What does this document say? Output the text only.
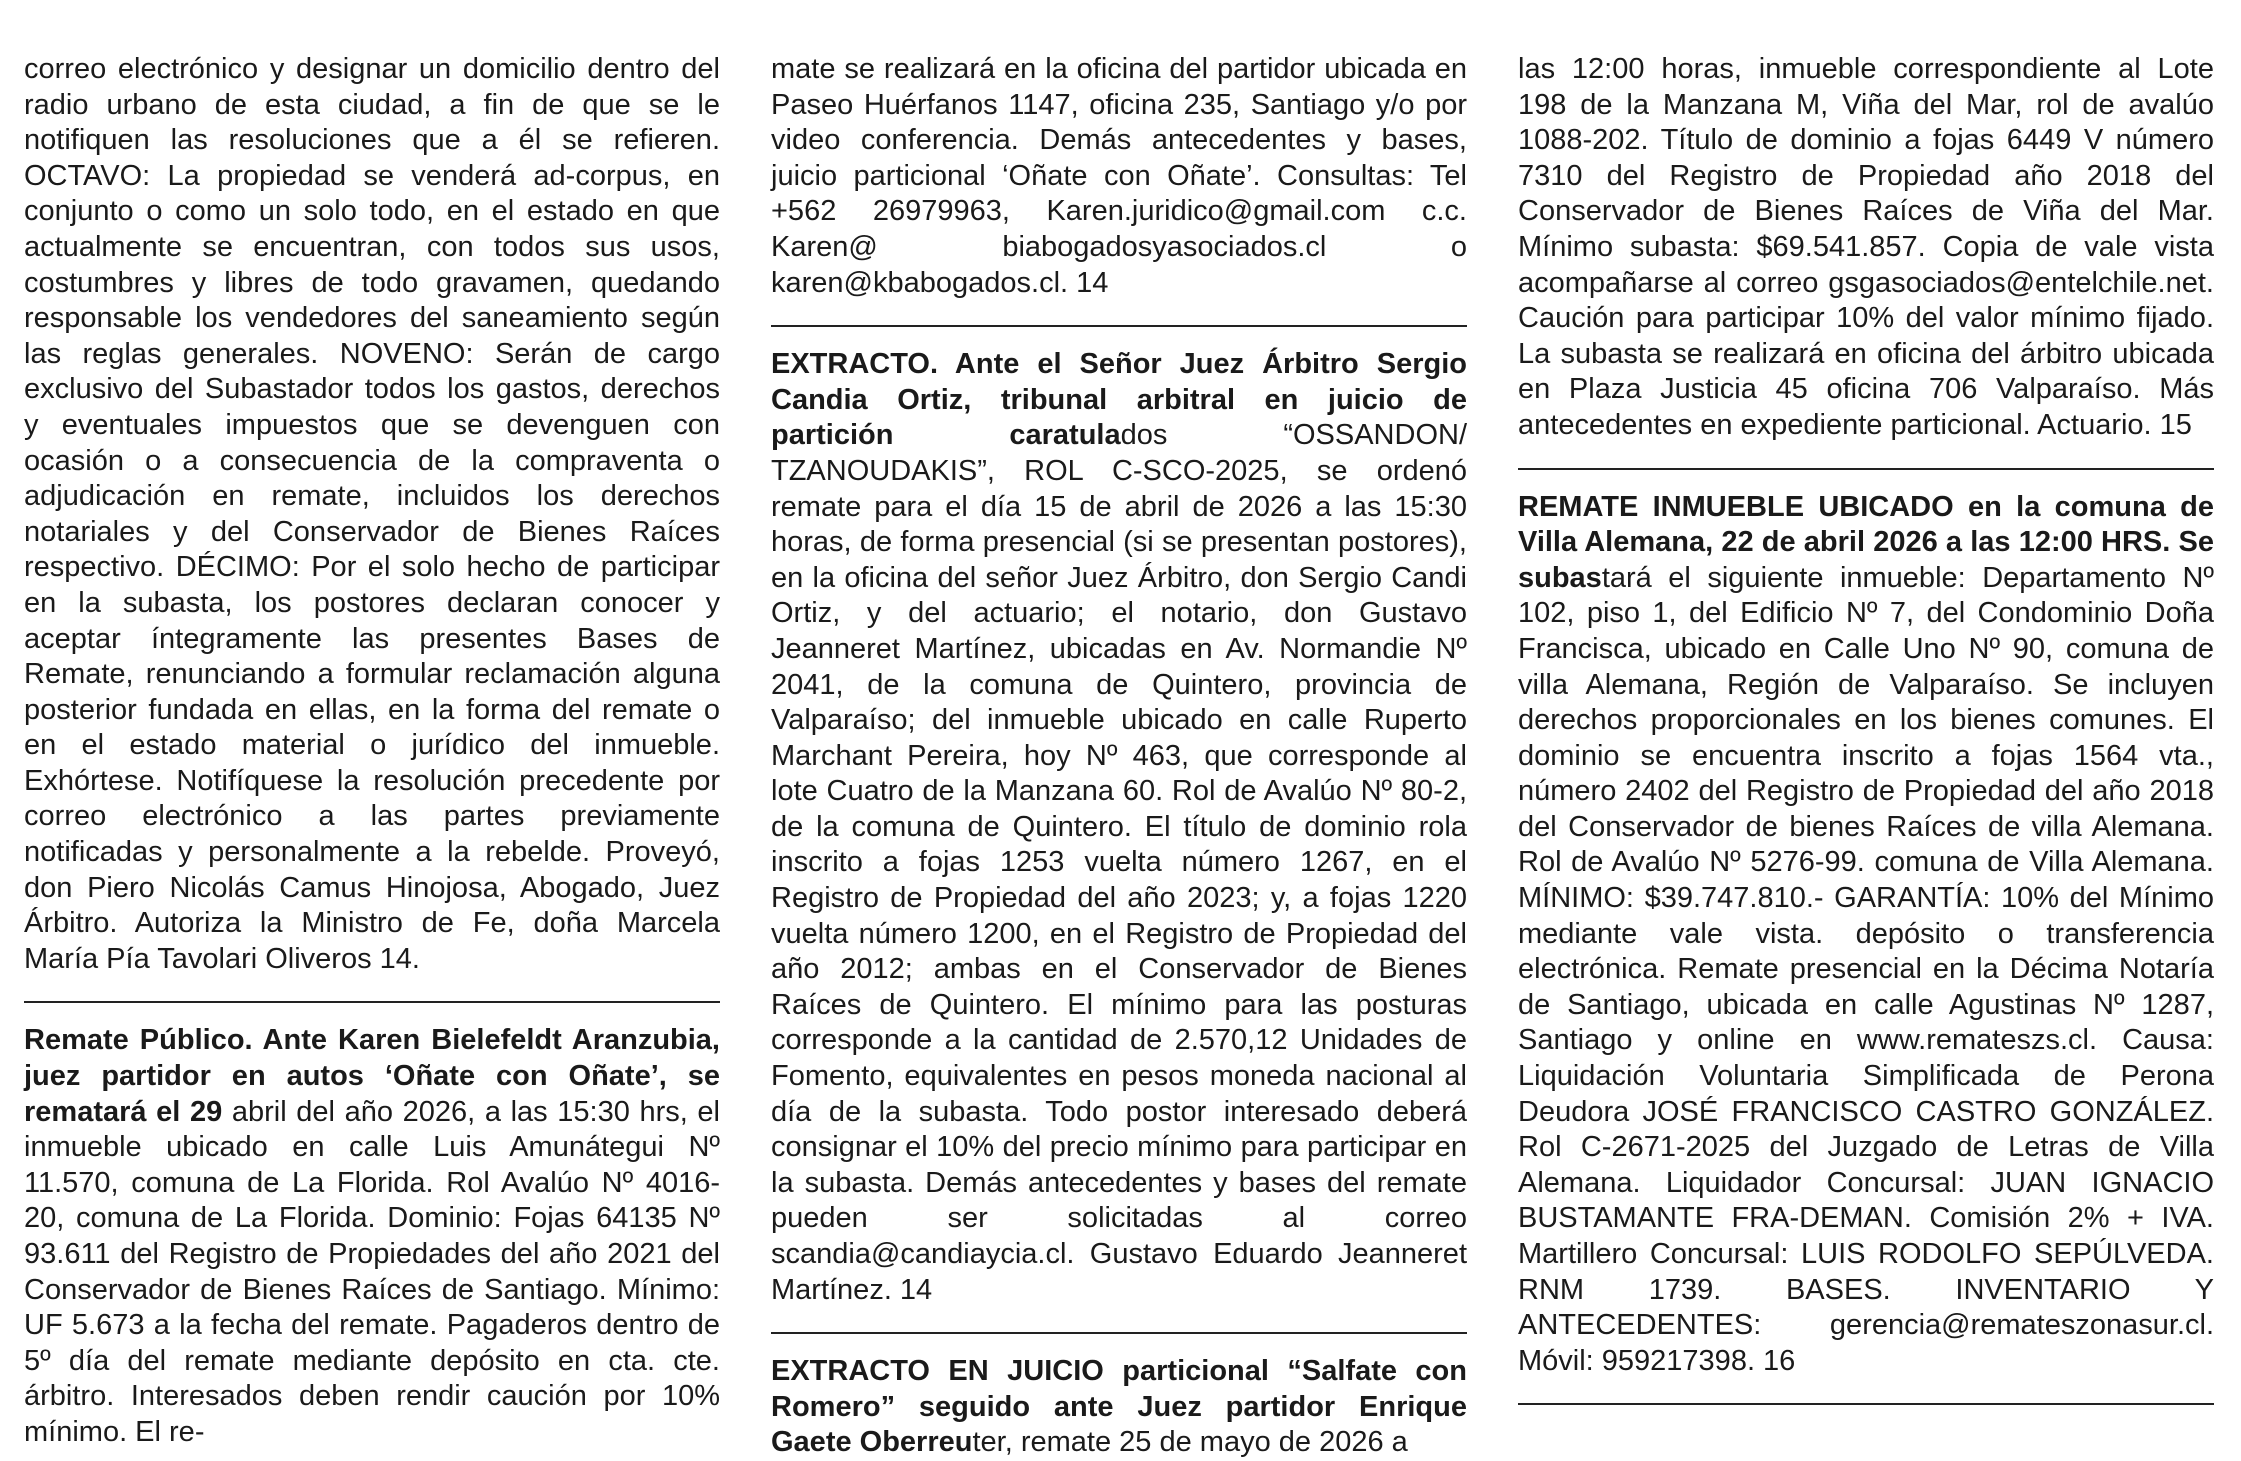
correo electrónico y designar un domicilio dentro del radio urbano de esta ciudad, a fin de que se le notifiquen las resoluciones que a él se refieren. OCTAVO: La propiedad se venderá ad-corpus, en conjunto o como un solo todo, en el estado en que actualmente se encuentran, con todos sus usos, costumbres y libres de todo gravamen, quedando responsable los vendedores del saneamiento según las reglas generales. NOVENO: Serán de cargo exclusivo del Subastador todos los gastos, derechos y eventuales impuestos que se devenguen con ocasión o a consecuencia de la compraventa o adjudicación en remate, incluidos los derechos notariales y del Conservador de Bienes Raíces respectivo. DÉCIMO: Por el solo hecho de participar en la subasta, los postores declaran conocer y aceptar íntegramente las presentes Bases de Remate, renunciando a formular reclamación alguna posterior fundada en ellas, en la forma del remate o en el estado material o jurídico del inmueble. Exhórtese. Notifíquese la resolución precedente por correo electrónico a las partes previamente notificadas y personalmente a la rebelde. Proveyó, don Piero Nicolás Camus Hinojosa, Abogado, Juez Árbitro. Autoriza la Ministro de Fe, doña Marcela María Pía Tavolari Oliveros 14.

Remate Público. Ante Karen Bielefeldt Aranzubia, juez partidor en autos ‘Oñate con Oñate’, se rematará el 29 abril del año 2026, a las 15:30 hrs, el inmueble ubicado en calle Luis Amunátegui Nº 11.570, comuna de La Florida. Rol Avalúo Nº 4016-20, comuna de La Florida. Dominio: Fojas 64135 Nº 93.611 del Registro de Propiedades del año 2021 del Conservador de Bienes Raíces de Santiago. Mínimo: UF 5.673 a la fecha del remate. Pagaderos dentro de 5º día del remate mediante depósito en cta. cte. árbitro. Interesados deben rendir caución por 10% mínimo. El re-

mate se realizará en la oficina del partidor ubicada en Paseo Huérfanos 1147, oficina 235, Santiago y/o por video conferencia. Demás antecedentes y bases, juicio particional ‘Oñate con Oñate’. Consultas: Tel +562 26979963, Karen.juridico@gmail.com c.c. Karen@ biabogadosyasociados.cl o karen@kbabogados.cl. 14

EXTRACTO. Ante el Señor Juez Árbitro Sergio Candia Ortiz, tribunal arbitral en juicio de partición caratulados “OSSANDON/ TZANOUDAKIS”, ROL C-SCO-2025, se ordenó remate para el día 15 de abril de 2026 a las 15:30 horas, de forma presencial (si se presentan postores), en la oficina del señor Juez Árbitro, don Sergio Candi Ortiz, y del actuario; el notario, don Gustavo Jeanneret Martínez, ubicadas en Av. Normandie Nº 2041, de la comuna de Quintero, provincia de Valparaíso; del inmueble ubicado en calle Ruperto Marchant Pereira, hoy Nº 463, que corresponde al lote Cuatro de la Manzana 60. Rol de Avalúo Nº 80-2, de la comuna de Quintero. El título de dominio rola inscrito a fojas 1253 vuelta número 1267, en el Registro de Propiedad del año 2023; y, a fojas 1220 vuelta número 1200, en el Registro de Propiedad del año 2012; ambas en el Conservador de Bienes Raíces de Quintero. El mínimo para las posturas corresponde a la cantidad de 2.570,12 Unidades de Fomento, equivalentes en pesos moneda nacional al día de la subasta. Todo postor interesado deberá consignar el 10% del precio mínimo para participar en la subasta. Demás antecedentes y bases del remate pueden ser solicitadas al correo scandia@candiaycia.cl. Gustavo Eduardo Jeanneret Martínez. 14

EXTRACTO EN JUICIO particional “Salfate con Romero” seguido ante Juez partidor Enrique Gaete Oberreuter, remate 25 de mayo de 2026 a

las 12:00 horas, inmueble correspondiente al Lote 198 de la Manzana M, Viña del Mar, rol de avalúo 1088-202. Título de dominio a fojas 6449 V número 7310 del Registro de Propiedad año 2018 del Conservador de Bienes Raíces de Viña del Mar. Mínimo subasta: $69.541.857. Copia de vale vista acompañarse al correo gsgasociados@entelchile.net. Caución para participar 10% del valor mínimo fijado. La subasta se realizará en oficina del árbitro ubicada en Plaza Justicia 45 oficina 706 Valparaíso. Más antecedentes en expediente particional. Actuario. 15

REMATE INMUEBLE UBICADO en la comuna de Villa Alemana, 22 de abril 2026 a las 12:00 HRS. Se subastará el siguiente inmueble: Departamento Nº 102, piso 1, del Edificio Nº 7, del Condominio Doña Francisca, ubicado en Calle Uno Nº 90, comuna de villa Alemana, Región de Valparaíso. Se incluyen derechos proporcionales en los bienes comunes. El dominio se encuentra inscrito a fojas 1564 vta., número 2402 del Registro de Propiedad del año 2018 del Conservador de bienes Raíces de villa Alemana. Rol de Avalúo Nº 5276-99. comuna de Villa Alemana. MÍNIMO: $39.747.810.- GARANTÍA: 10% del Mínimo mediante vale vista. depósito o transferencia electrónica. Remate presencial en la Décima Notaría de Santiago, ubicada en calle Agustinas Nº 1287, Santiago y online en www.remateszs.cl. Causa: Liquidación Voluntaria Simplificada de Perona Deudora JOSÉ FRANCISCO CASTRO GONZÁLEZ. Rol C-2671-2025 del Juzgado de Letras de Villa Alemana. Liquidador Concursal: JUAN IGNACIO BUSTAMANTE FRA-DEMAN. Comisión 2% + IVA. Martillero Concursal: LUIS RODOLFO SEPÚLVEDA. RNM 1739. BASES. INVENTARIO Y ANTECEDENTES: gerencia@remateszonasur.cl. Móvil: 959217398. 16
